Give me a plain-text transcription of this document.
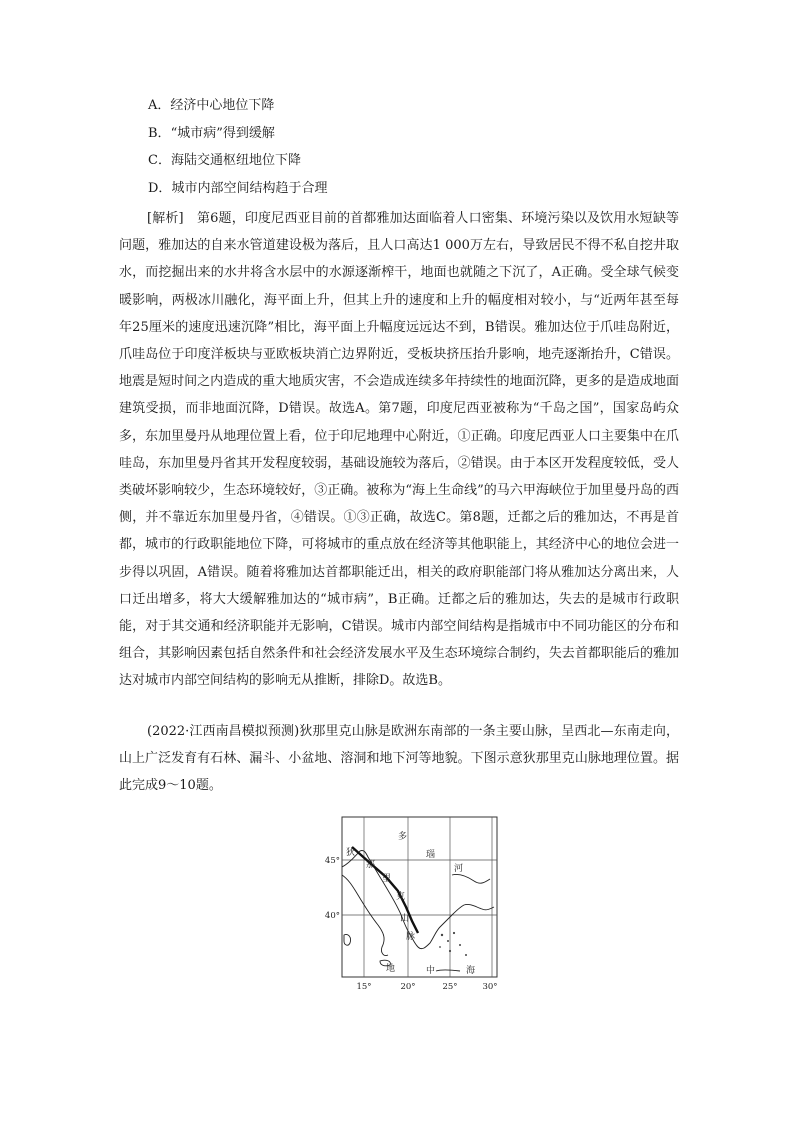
A．经济中心地位下降
B．“城市病”得到缓解
C．海陆交通枢纽地位下降
D．城市内部空间结构趋于合理
[解析]　第6题，印度尼西亚目前的首都雅加达面临着人口密集、环境污染以及饮用水短缺等问题，雅加达的自来水管道建设极为落后，且人口高达1 000万左右，导致居民不得不私自挖井取水，而挖掘出来的水井将含水层中的水源逐渐榨干，地面也就随之下沉了，A正确。受全球气候变暖影响，两极冰川融化，海平面上升，但其上升的速度和上升的幅度相对较小，与“近两年甚至每年25厘米的速度迅速沉降”相比，海平面上升幅度远远达不到，B错误。雅加达位于爪哇岛附近，爪哇岛位于印度洋板块与亚欧板块消亡边界附近，受板块挤压抬升影响，地壳逐渐抬升，C错误。地震是短时间之内造成的重大地质灾害，不会造成连续多年持续性的地面沉降，更多的是造成地面建筑受损，而非地面沉降，D错误。故选A。第7题，印度尼西亚被称为“千岛之国”，国家岛屿众多，东加里曼丹从地理位置上看，位于印尼地理中心附近，①正确。印度尼西亚人口主要集中在爪哇岛，东加里曼丹省其开发程度较弱，基础设施较为落后，②错误。由于本区开发程度较低，受人类破坏影响较少，生态环境较好，③正确。被称为“海上生命线”的马六甲海峡位于加里曼丹岛的西侧，并不靠近东加里曼丹省，④错误。①③正确，故选C。第8题，迁都之后的雅加达，不再是首都，城市的行政职能地位下降，可将城市的重点放在经济等其他职能上，其经济中心的地位会进一步得以巩固，A错误。随着将雅加达首都职能迁出，相关的政府职能部门将从雅加达分离出来，人口迁出增多，将大大缓解雅加达的“城市病”，B正确。迁都之后的雅加达，失去的是城市行政职能，对于其交通和经济职能并无影响，C错误。城市内部空间结构是指城市中不同功能区的分布和组合，其影响因素包括自然条件和社会经济发展水平及生态环境综合制约，失去首都职能后的雅加达对城市内部空间结构的影响无从推断，排除D。故选B。
(2022·江西南昌模拟预测)狄那里克山脉是欧洲东南部的一条主要山脉，呈西北—东南走向，山上广泛发育有石林、漏斗、小盆地、溶洞和地下河等地貌。下图示意狄那里克山脉地理位置。据此完成9～10题。
狄
那
里
克
山
脉
多
瑙
河
地	中	海
45°
40°
15°	20°	25°	30°
